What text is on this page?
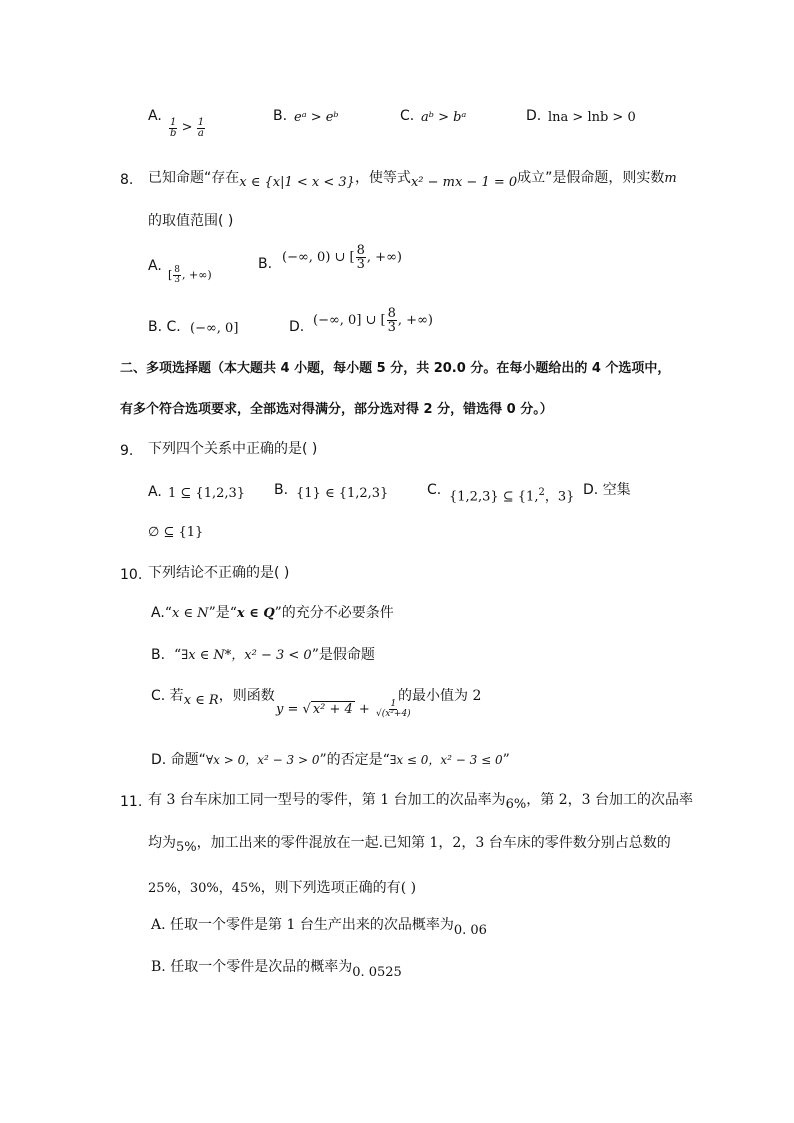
A.
$\frac{1}{b} > \frac{1}{a}$
B. eᵃ > eᵇ	C. aᵇ > bᵃ	D. lna > lnb > 0
8. 已知命题“存在x ∈ {x|1 < x < 3}，使等式x² − mx − 1 = 0成立”是假命题，则实数m
的取值范围( )
A.
[ $\frac{8}{3}$ , +∞)
B. (−∞, 0) ∪ [ $\frac{8}{3}$ , +∞)
B. C. (−∞, 0]	D. (−∞, 0] ∪ [ $\frac{8}{3}$ , +∞)
二、多项选择题（本大题共 4 小题，每小题 5 分，共 20.0 分。在每小题给出的 4 个选项中，
有多个符合选项要求，全部选对得满分，部分选对得 2 分，错选得 0 分。）
9. 下列四个关系中正确的是( )
A. 1 ⊆ {1,2,3} B. {1} ∈ {1,2,3}	C. {1,2,3} ⊆ {1,$^2$，3} D. 空集
∅ ⊆ {1}
10. 下列结论不正确的是( )
A.“x ∈ N”是“x ∈ Q”的充分不必要条件
B. “∃x ∈ N*，x² − 3 < 0”是假命题
C. 若x ∈ R，则函数
y = √ $x^2 + 4 + \frac{1}{\text{√(x²+4)}}$
的最小值为 2
D. 命题“∀x > 0，x² − 3 > 0”的否定是“∃x ≤ 0，x² − 3 ≤ 0”
11. 有 3 台车床加工同一型号的零件，第 1 台加工的次品率为6%，第 2，3 台加工的次品率
均为5%，加工出来的零件混放在一起.已知第 1，2，3 台车床的零件数分别占总数的
25%，30%，45%，则下列选项正确的有( )
A. 任取一个零件是第 1 台生产出来的次品概率为0. 06
B. 任取一个零件是次品的概率为0. 0525
